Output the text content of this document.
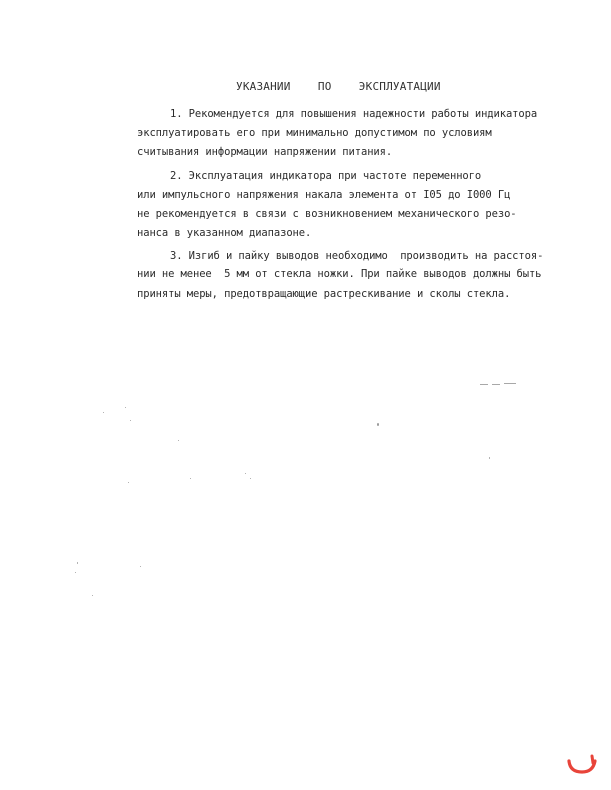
УКАЗАНИИ    ПО    ЭКСПЛУАТАЦИИ
1. Рекомендуется для повышения надежности работы индикатора
эксплуатировать его при минимально допустимом по условиям
считывания информации напряжении питания.
2. Эксплуатация индикатора при частоте переменного
или импульсного напряжения накала элемента от I05 до I000 Гц
не рекомендуется в связи с возникновением механического резо-
нанса в указанном диапазоне.
3. Изгиб и пайку выводов необходимо  производить на расстоя-
нии не менее  5 мм от стекла ножки. При пайке выводов должны быть
приняты меры, предотвращающие растрескивание и сколы стекла.
